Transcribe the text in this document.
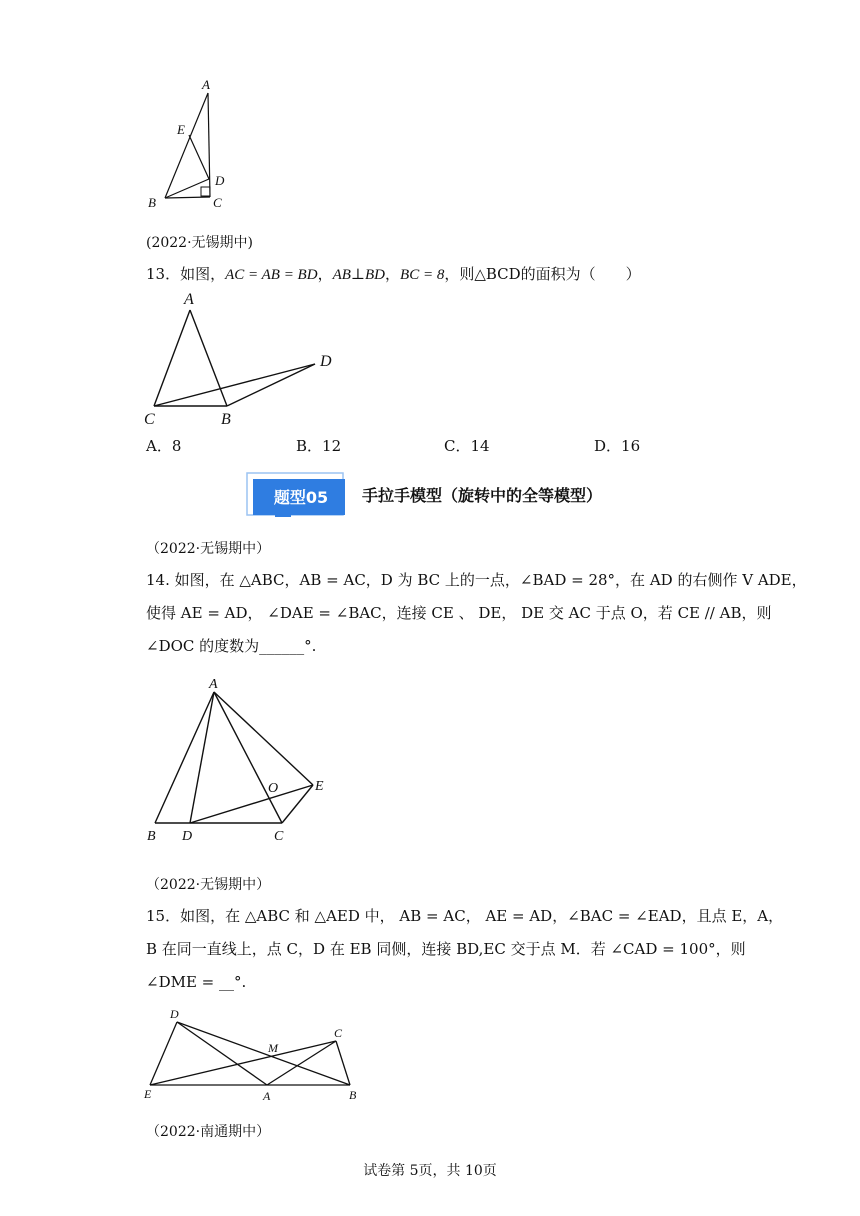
A
E
D
B	C
(2022·无锡期中)
13．如图，AC = AB = BD，AB⊥BD，BC = 8，则△BCD的面积为（　　）
A
D
C	B
A．8	B．12	C．14	D．16
题型05 手拉手模型（旋转中的全等模型）
（2022·无锡期中）
14. 如图，在 △ABC，AB = AC，D 为 BC 上的一点，∠BAD = 28°，在 AD 的右侧作 V ADE，
使得 AE = AD， ∠DAE = ∠BAC，连接 CE 、 DE， DE 交 AC 于点 O，若 CE // AB，则
∠DOC 的度数为______°.
A
O	E
B D	C
（2022·无锡期中）
15．如图，在 △ABC 和 △AED 中， AB = AC， AE = AD，∠BAC = ∠EAD，且点 E，A，
B 在同一直线上，点 C，D 在 EB 同侧，连接 BD,EC 交于点 M．若 ∠CAD = 100°，则
∠DME = __°.
D
M
C
E	A	B
（2022·南通期中）
试卷第 5页，共 10页
